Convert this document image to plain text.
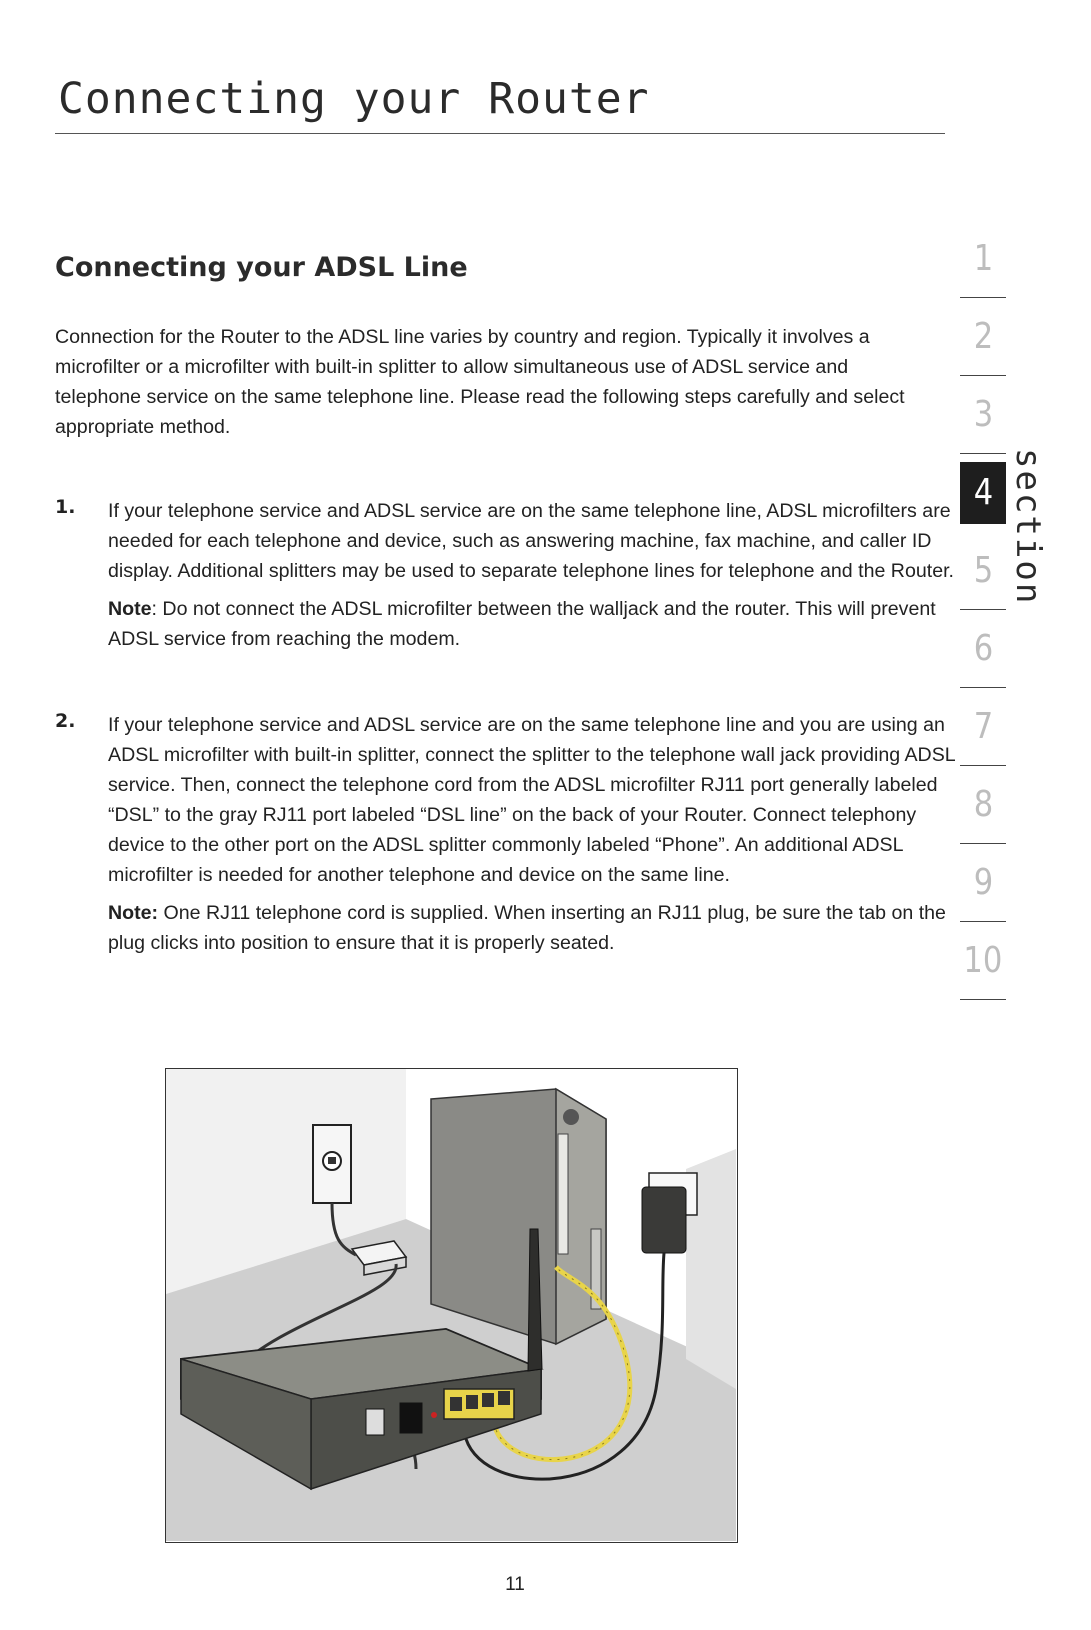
Connecting your Router
Connecting your ADSL Line

Connection for the Router to the ADSL line varies by country and region. Typically it involves a microfilter or a microfilter with built-in splitter to allow simultaneous use of ADSL service and telephone service on the same telephone line. Please read the following steps carefully and select appropriate method.

1. If your telephone service and ADSL service are on the same telephone line, ADSL microfilters are needed for each telephone and device, such as answering machine, fax machine, and caller ID display. Additional splitters may be used to separate telephone lines for telephone and the Router.

Note: Do not connect the ADSL microfilter between the walljack and the router. This will prevent ADSL service from reaching the modem.

2. If your telephone service and ADSL service are on the same telephone line and you are using an ADSL microfilter with built-in splitter, connect the splitter to the telephone wall jack providing ADSL service. Then, connect the telephone cord from the ADSL microfilter RJ11 port generally labeled “DSL” to the gray RJ11 port labeled “DSL line” on the back of your Router. Connect telephony device to the other port on the ADSL splitter commonly labeled “Phone”. An additional ADSL microfilter is needed for another telephone and device on the same line.

Note: One RJ11 telephone cord is supplied. When inserting an RJ11 plug, be sure the tab on the plug clicks into position to ensure that it is properly seated.

11
1
2
3
4
5
6
7
8
9
10
section
